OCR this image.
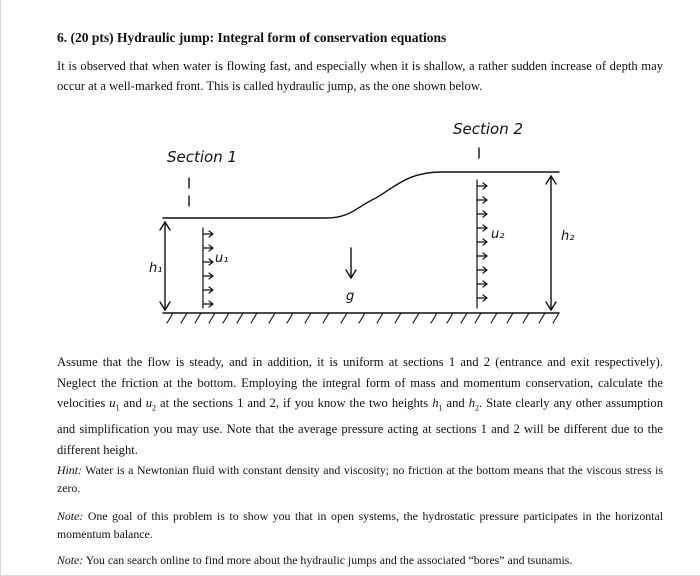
6. (20 pts) Hydraulic jump: Integral form of conservation equations
It is observed that when water is flowing fast, and especially when it is shallow, a rather sudden increase of depth may occur at a well-marked front. This is called hydraulic jump, as the one shown below.
Section 1
Section 2
h₁
h₂
u₁
u₂
g
Assume that the flow is steady, and in addition, it is uniform at sections 1 and 2 (entrance and exit respectively). Neglect the friction at the bottom. Employing the integral form of mass and momentum conservation, calculate the velocities $u_1$ and $u_2$ at the sections 1 and 2, if you know the two heights $h_1$ and $h_2$. State clearly any other assumption and simplification you may use. Note that the average pressure acting at sections 1 and 2 will be different due to the different height.
Hint: Water is a Newtonian fluid with constant density and viscosity; no friction at the bottom means that the viscous stress is zero.
Note: One goal of this problem is to show you that in open systems, the hydrostatic pressure participates in the horizontal momentum balance.
Note: You can search online to find more about the hydraulic jumps and the associated “bores” and tsunamis.
